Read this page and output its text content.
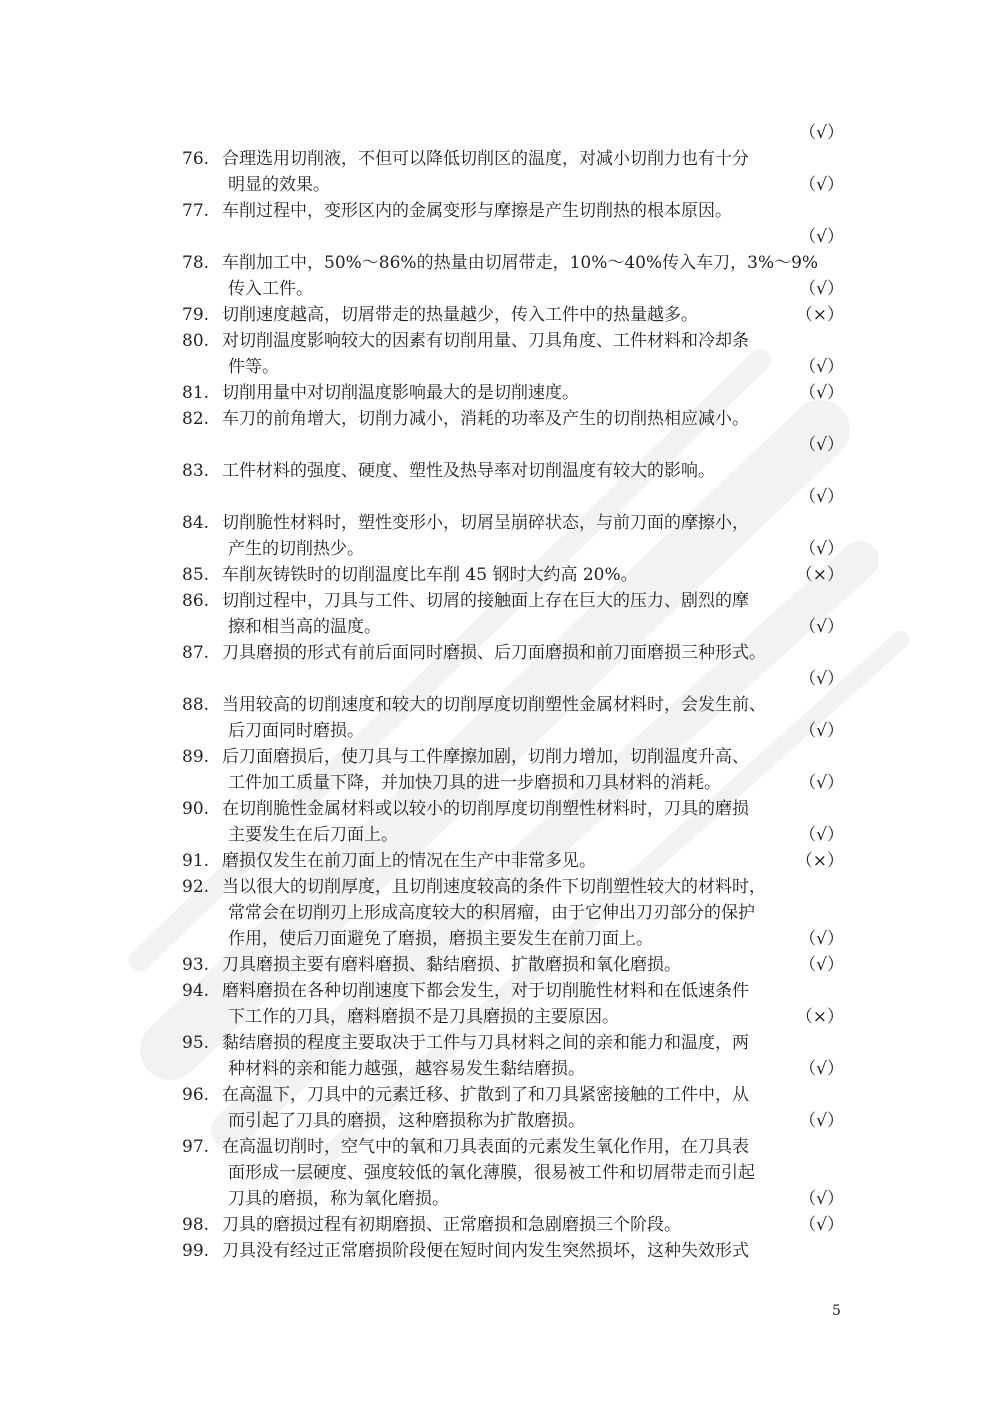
（√）
76. 合理选用切削液，不但可以降低切削区的温度，对减小切削力也有十分
明显的效果。	（√）
77. 车削过程中，变形区内的金属变形与摩擦是产生切削热的根本原因。
（√）
78. 车削加工中，50%～86%的热量由切屑带走，10%～40%传入车刀，3%～9%
传入工件。	（√）
79. 切削速度越高，切屑带走的热量越少，传入工件中的热量越多。	（×）
80. 对切削温度影响较大的因素有切削用量、刀具角度、工件材料和冷却条
件等。	（√）
81. 切削用量中对切削温度影响最大的是切削速度。	（√）
82. 车刀的前角增大，切削力减小，消耗的功率及产生的切削热相应减小。
（√）
83. 工件材料的强度、硬度、塑性及热导率对切削温度有较大的影响。
（√）
84. 切削脆性材料时，塑性变形小，切屑呈崩碎状态，与前刀面的摩擦小，
产生的切削热少。	（√）
85. 车削灰铸铁时的切削温度比车削 45 钢时大约高 20%。	（×）
86. 切削过程中，刀具与工件、切屑的接触面上存在巨大的压力、剧烈的摩
擦和相当高的温度。	（√）
87. 刀具磨损的形式有前后面同时磨损、后刀面磨损和前刀面磨损三种形式。
（√）
88. 当用较高的切削速度和较大的切削厚度切削塑性金属材料时，会发生前、
后刀面同时磨损。	（√）
89. 后刀面磨损后，使刀具与工件摩擦加剧，切削力增加，切削温度升高、
工件加工质量下降，并加快刀具的进一步磨损和刀具材料的消耗。	（√）
90. 在切削脆性金属材料或以较小的切削厚度切削塑性材料时，刀具的磨损
主要发生在后刀面上。	（√）
91. 磨损仅发生在前刀面上的情况在生产中非常多见。	（×）
92. 当以很大的切削厚度，且切削速度较高的条件下切削塑性较大的材料时，
常常会在切削刃上形成高度较大的积屑瘤，由于它伸出刀刃部分的保护
作用，使后刀面避免了磨损，磨损主要发生在前刀面上。	（√）
93. 刀具磨损主要有磨料磨损、黏结磨损、扩散磨损和氧化磨损。	（√）
94. 磨料磨损在各种切削速度下都会发生，对于切削脆性材料和在低速条件
下工作的刀具，磨料磨损不是刀具磨损的主要原因。	（×）
95. 黏结磨损的程度主要取决于工件与刀具材料之间的亲和能力和温度，两
种材料的亲和能力越强，越容易发生黏结磨损。	（√）
96. 在高温下，刀具中的元素迁移、扩散到了和刀具紧密接触的工件中，从
而引起了刀具的磨损，这种磨损称为扩散磨损。	（√）
97. 在高温切削时，空气中的氧和刀具表面的元素发生氧化作用，在刀具表
面形成一层硬度、强度较低的氧化薄膜，很易被工件和切屑带走而引起
刀具的磨损，称为氧化磨损。	（√）
98. 刀具的磨损过程有初期磨损、正常磨损和急剧磨损三个阶段。	（√）
99. 刀具没有经过正常磨损阶段便在短时间内发生突然损坏，这种失效形式
5
